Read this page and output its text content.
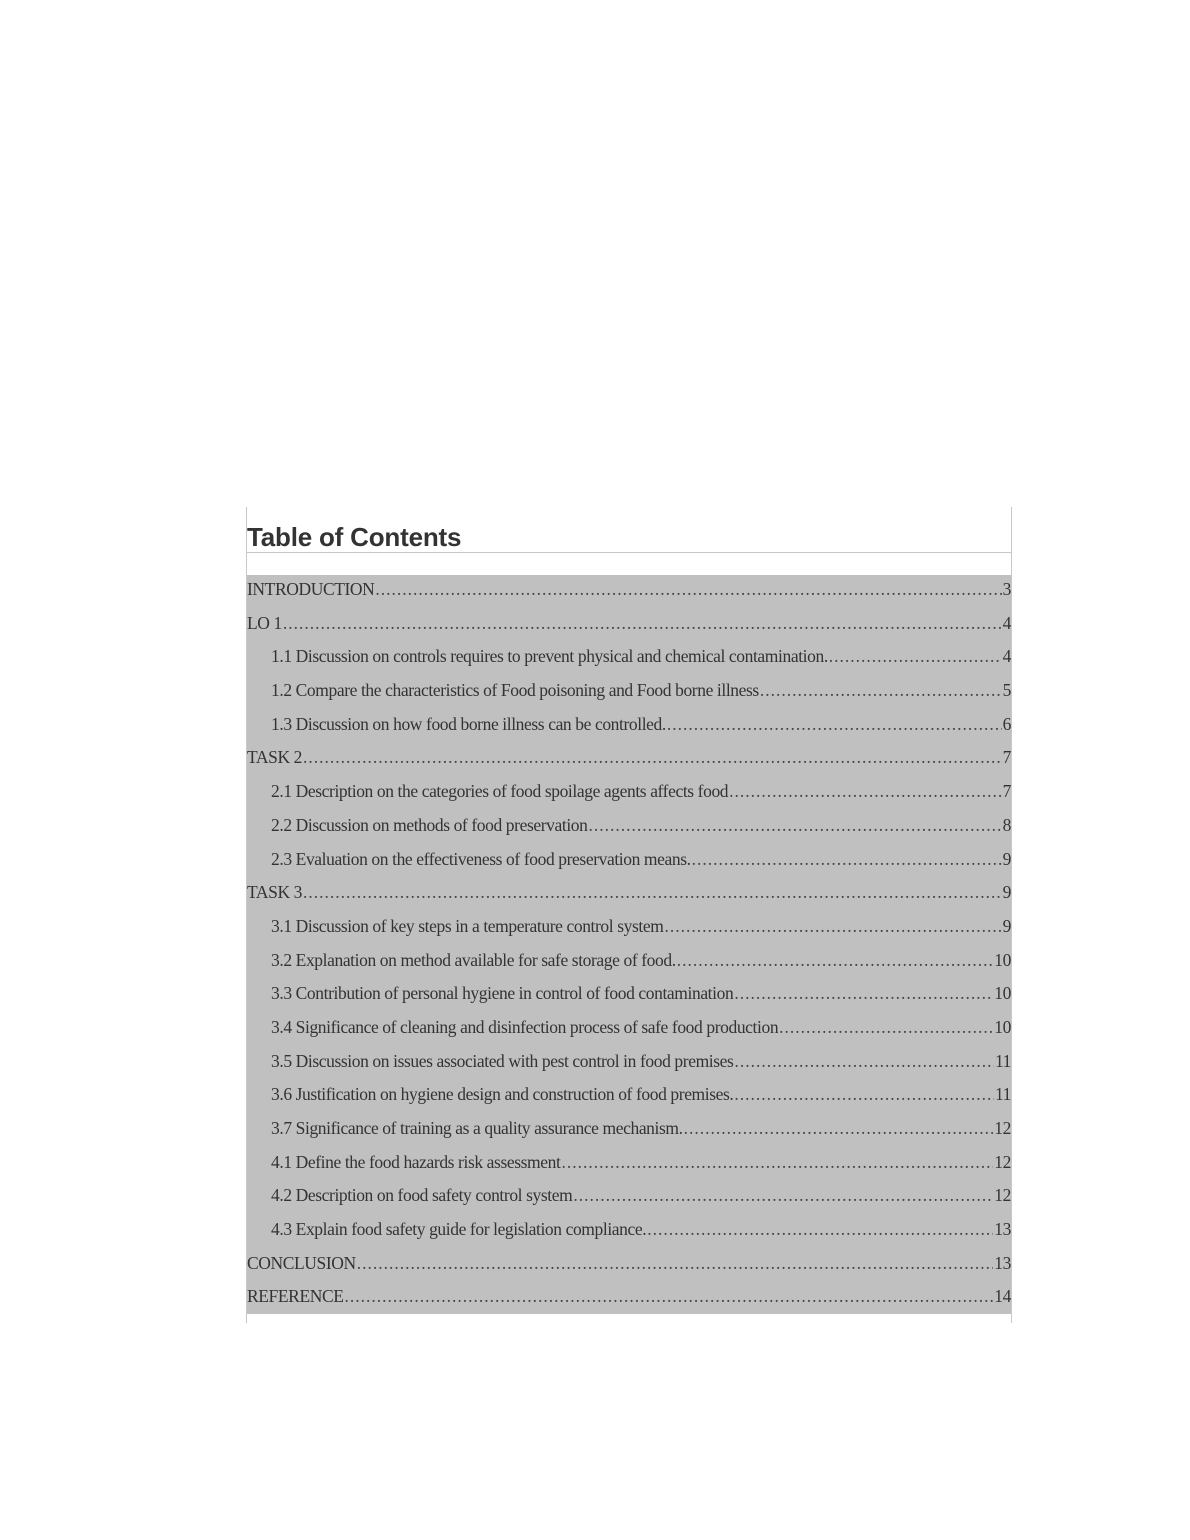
Table of Contents
INTRODUCTION .....	3
LO 1 .....	4
1.1 Discussion on controls requires to prevent physical and chemical contamination. .....	4
1.2 Compare the characteristics of Food poisoning and Food borne illness .....	5
1.3 Discussion on how food borne illness can be controlled. .....	6
TASK 2 .....	7
2.1 Description on the categories of food spoilage agents affects food .....	7
2.2 Discussion on methods of food preservation .....	8
2.3 Evaluation on the effectiveness of food preservation means. .....	9
TASK 3 .....	9
3.1 Discussion of key steps in a temperature control system .....	9
3.2 Explanation on method available for safe storage of food. .....	10
3.3 Contribution of personal hygiene in control of food contamination .....	10
3.4 Significance of cleaning and disinfection process of safe food production .....	10
3.5 Discussion on issues associated with pest control in food premises .....	11
3.6 Justification on hygiene design and construction of food premises. .....	11
3.7 Significance of training as a quality assurance mechanism. .....	12
4.1 Define the food hazards risk assessment .....	12
4.2 Description on food safety control system .....	12
4.3 Explain food safety guide for legislation compliance. .....	13
CONCLUSION .....	13
REFERENCE .....	14
